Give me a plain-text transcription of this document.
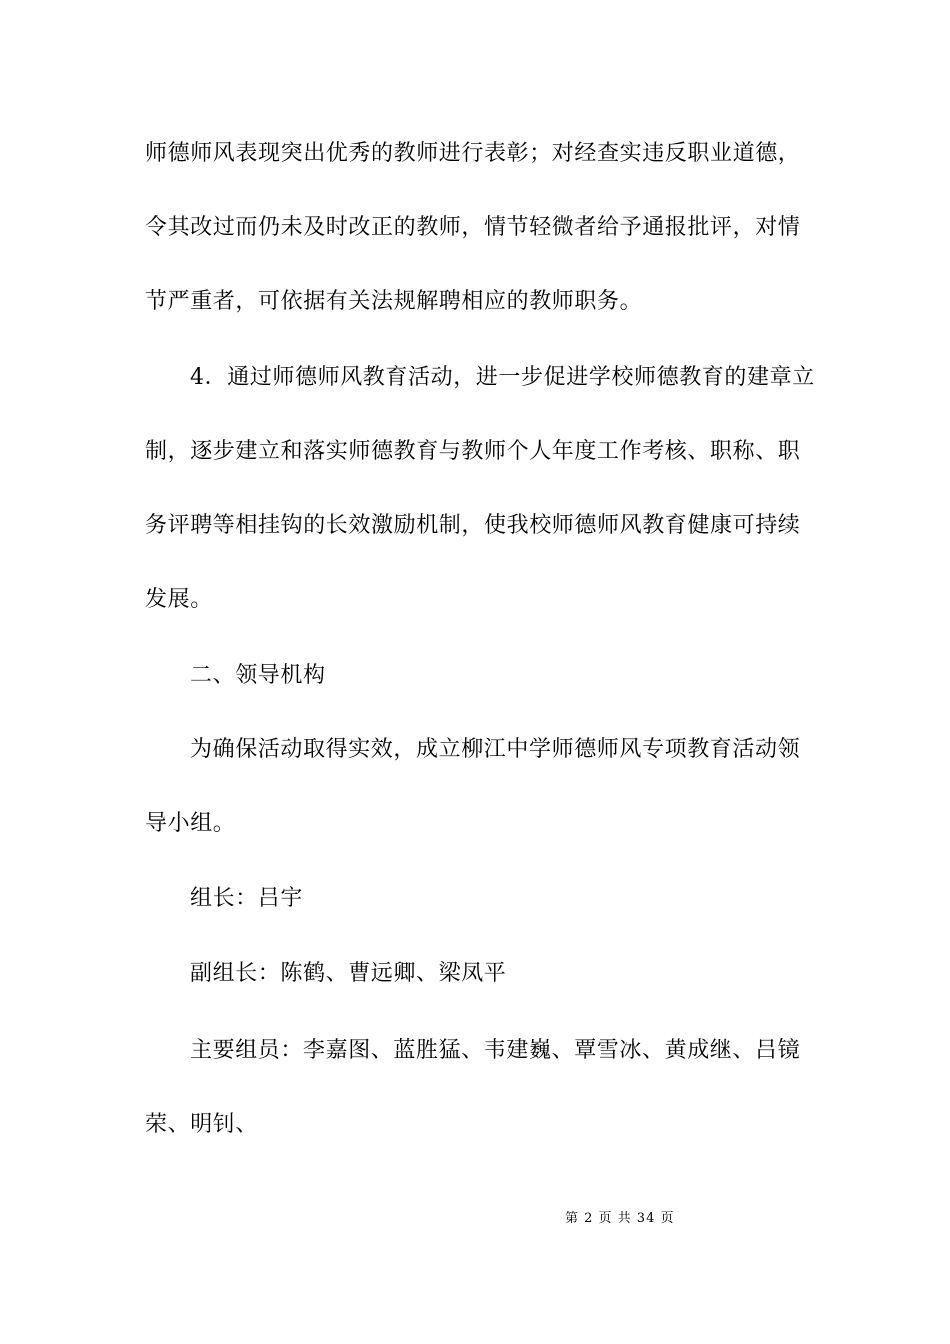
师德师风表现突出优秀的教师进行表彰；对经查实违反职业道德，
令其改过而仍未及时改正的教师，情节轻微者给予通报批评，对情
节严重者，可依据有关法规解聘相应的教师职务。
4．通过师德师风教育活动，进一步促进学校师德教育的建章立
制，逐步建立和落实师德教育与教师个人年度工作考核、职称、职
务评聘等相挂钩的长效激励机制，使我校师德师风教育健康可持续
发展。
二、领导机构
为确保活动取得实效，成立柳江中学师德师风专项教育活动领
导小组。
组长：吕宇
副组长：陈鹤、曹远卿、梁凤平
主要组员：李嘉图、蓝胜猛、韦建巍、覃雪冰、黄成继、吕镜
荣、明钊、
第 2 页 共 34 页
